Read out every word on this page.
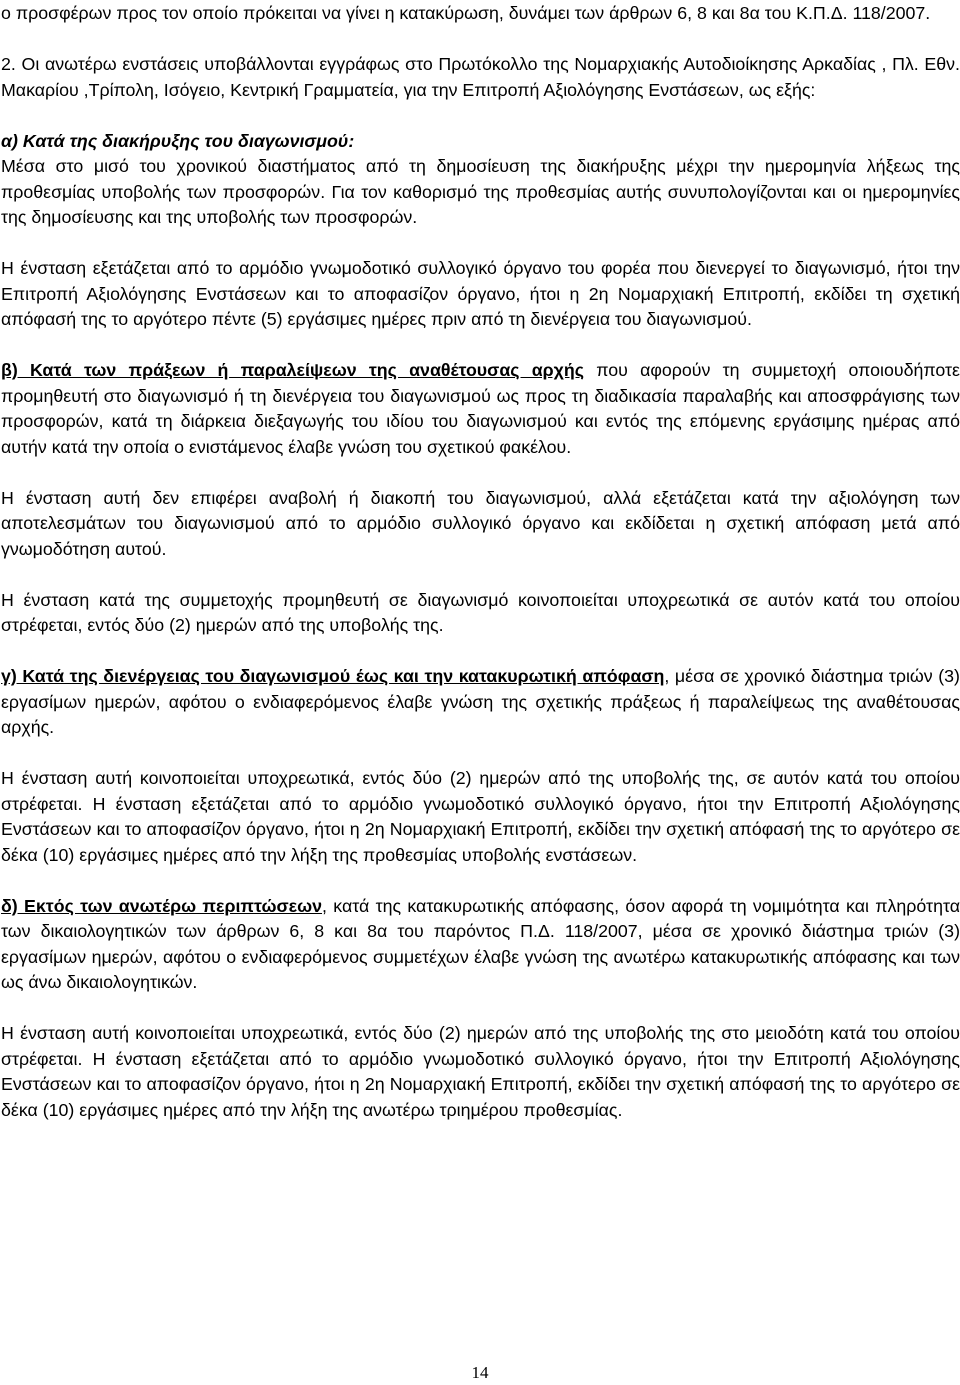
ο προσφέρων προς τον οποίο πρόκειται να γίνει η κατακύρωση, δυνάμει των άρθρων 6, 8 και 8α του Κ.Π.Δ. 118/2007.

2. Οι ανωτέρω ενστάσεις υποβάλλονται εγγράφως στο Πρωτόκολλο της Νομαρχιακής Αυτοδιοίκησης Αρκαδίας , Πλ. Εθν. Μακαρίου ,Τρίπολη, Ισόγειο, Κεντρική Γραμματεία, για την Επιτροπή Αξιολόγησης Ενστάσεων, ως εξής:

α) Κατά της διακήρυξης του διαγωνισμού:
Μέσα στο μισό του χρονικού διαστήματος από τη δημοσίευση της διακήρυξης μέχρι την ημερομηνία λήξεως της προθεσμίας υποβολής των προσφορών. Για τον καθορισμό της προθεσμίας αυτής συνυπολογίζονται και οι ημερομηνίες της δημοσίευσης και της υποβολής των προσφορών.

Η ένσταση εξετάζεται από το αρμόδιο γνωμοδοτικό συλλογικό όργανο του φορέα που διενεργεί το διαγωνισμό, ήτοι την Επιτροπή Αξιολόγησης Ενστάσεων και το αποφασίζον όργανο, ήτοι η 2η Νομαρχιακή Επιτροπή, εκδίδει τη σχετική απόφασή της το αργότερο πέντε (5) εργάσιμες ημέρες πριν από τη διενέργεια του διαγωνισμού.

β) Κατά των πράξεων ή παραλείψεων της αναθέτουσας αρχής που αφορούν τη συμμετοχή οποιουδήποτε προμηθευτή στο διαγωνισμό ή τη διενέργεια του διαγωνισμού ως προς τη διαδικασία παραλαβής και αποσφράγισης των προσφορών, κατά τη διάρκεια διεξαγωγής του ιδίου του διαγωνισμού και εντός της επόμενης εργάσιμης ημέρας από αυτήν κατά την οποία ο ενιστάμενος έλαβε γνώση του σχετικού φακέλου.

Η ένσταση αυτή δεν επιφέρει αναβολή ή διακοπή του διαγωνισμού, αλλά εξετάζεται κατά την αξιολόγηση των αποτελεσμάτων του διαγωνισμού από το αρμόδιο συλλογικό όργανο και εκδίδεται η σχετική απόφαση μετά από γνωμοδότηση αυτού.

Η ένσταση κατά της συμμετοχής προμηθευτή σε διαγωνισμό κοινοποιείται υποχρεωτικά σε αυτόν κατά του οποίου στρέφεται, εντός δύο (2) ημερών από της υποβολής της.

γ) Κατά της διενέργειας του διαγωνισμού έως και την κατακυρωτική απόφαση, μέσα σε χρονικό διάστημα τριών (3) εργασίμων ημερών, αφότου ο ενδιαφερόμενος έλαβε γνώση της σχετικής πράξεως ή παραλείψεως της αναθέτουσας αρχής.

Η ένσταση αυτή κοινοποιείται υποχρεωτικά, εντός δύο (2) ημερών από της υποβολής της, σε αυτόν κατά του οποίου στρέφεται. Η ένσταση εξετάζεται από το αρμόδιο γνωμοδοτικό συλλογικό όργανο, ήτοι την Επιτροπή Αξιολόγησης Ενστάσεων και το αποφασίζον όργανο, ήτοι η 2η Νομαρχιακή Επιτροπή, εκδίδει την σχετική απόφασή της το αργότερο σε δέκα (10) εργάσιμες ημέρες από την λήξη της προθεσμίας υποβολής ενστάσεων.

δ) Εκτός των ανωτέρω περιπτώσεων, κατά της κατακυρωτικής απόφασης, όσον αφορά τη νομιμότητα και πληρότητα των δικαιολογητικών των άρθρων 6, 8 και 8α του παρόντος Π.Δ. 118/2007, μέσα σε χρονικό διάστημα τριών (3) εργασίμων ημερών, αφότου ο ενδιαφερόμενος συμμετέχων έλαβε γνώση της ανωτέρω κατακυρωτικής απόφασης και των ως άνω δικαιολογητικών.

Η ένσταση αυτή κοινοποιείται υποχρεωτικά, εντός δύο (2) ημερών από της υποβολής της στο μειοδότη κατά του οποίου στρέφεται. Η ένσταση εξετάζεται από το αρμόδιο γνωμοδοτικό συλλογικό όργανο, ήτοι την Επιτροπή Αξιολόγησης Ενστάσεων και το αποφασίζον όργανο, ήτοι η 2η Νομαρχιακή Επιτροπή, εκδίδει την σχετική απόφασή της το αργότερο σε δέκα (10) εργάσιμες ημέρες από την λήξη της ανωτέρω τριημέρου προθεσμίας.

14
